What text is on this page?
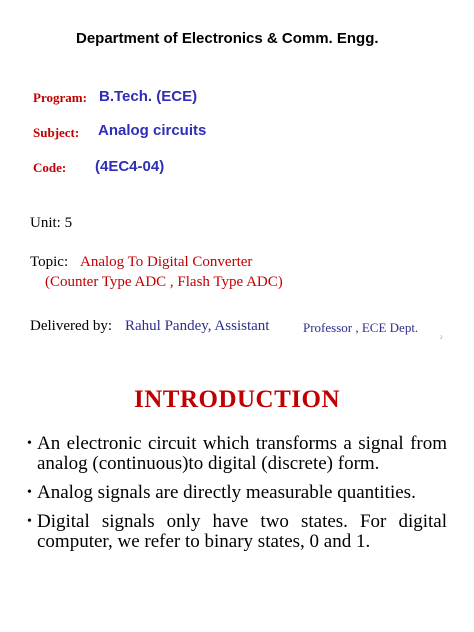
Department of Electronics & Comm. Engg.
Program: B.Tech. (ECE)
Subject: Analog circuits
Code: (4EC4-04)
Unit: 5
Topic: Analog To Digital Converter
(Counter Type ADC , Flash Type ADC)
Delivered by: Rahul Pandey, Assistant	Professor , ECE Dept.
2
INTRODUCTION
• An electronic circuit which transforms a signal from analog (continuous)to digital (discrete) form.
• Analog signals are directly measurable quantities.
• Digital signals only have two states. For digital computer, we refer to binary states, 0 and 1.
